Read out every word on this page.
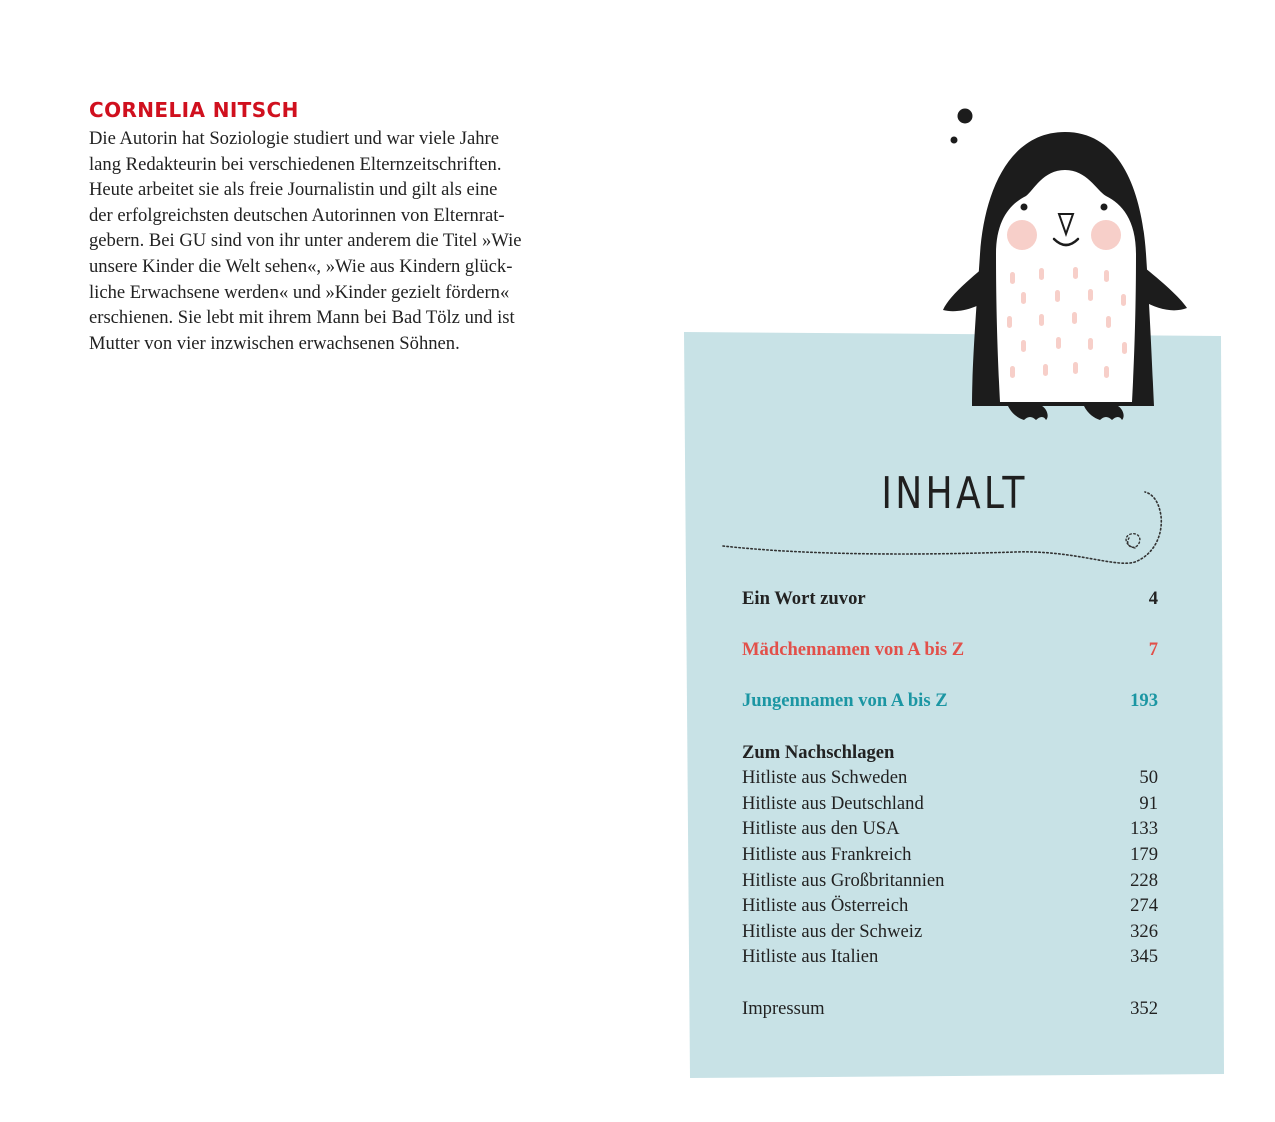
CORNELIA NITSCH

Die Autorin hat Soziologie studiert und war viele Jahre
lang Redakteurin bei verschiedenen Elternzeitschriften.
Heute arbeitet sie als freie Journalistin und gilt als eine
der erfolgreichsten deutschen Autorinnen von Elternrat-
gebern. Bei GU sind von ihr unter anderem die Titel »Wie
unsere Kinder die Welt sehen«, »Wie aus Kindern glück-
liche Erwachsene werden« und »Kinder gezielt fördern«
erschienen. Sie lebt mit ihrem Mann bei Bad Tölz und ist
Mutter von vier inzwischen erwachsenen Söhnen.

INHALT
Ein Wort zuvor	4
Mädchennamen von A bis Z	7
Jungennamen von A bis Z	193
Zum Nachschlagen
Hitliste aus Schweden	50
Hitliste aus Deutschland	91
Hitliste aus den USA	133
Hitliste aus Frankreich	179
Hitliste aus Großbritannien	228
Hitliste aus Österreich	274
Hitliste aus der Schweiz	326
Hitliste aus Italien	345
Impressum	352
